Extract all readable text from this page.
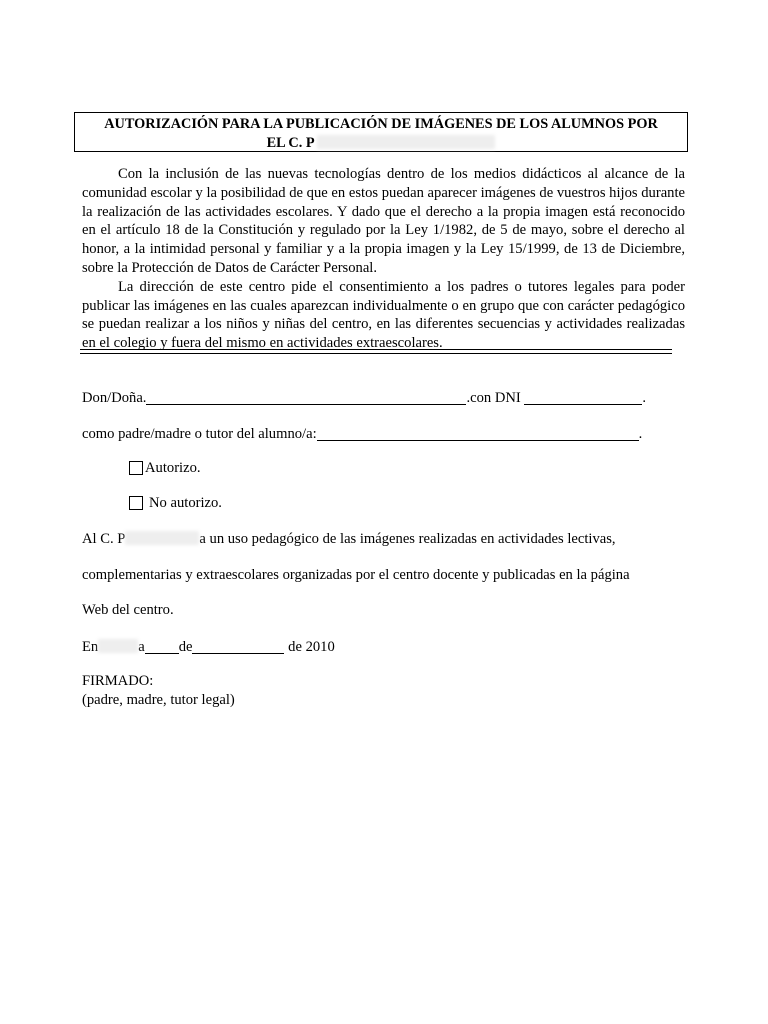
AUTORIZACIÓN PARA LA PUBLICACIÓN DE IMÁGENES DE LOS ALUMNOS POR
EL C. P

Con la inclusión de las nuevas tecnologías dentro de los medios didácticos al alcance de la comunidad escolar y la posibilidad de que en estos puedan aparecer imágenes de vuestros hijos durante la realización de las actividades escolares. Y dado que el derecho a la propia imagen está reconocido en el artículo 18 de la Constitución y regulado por la Ley 1/1982, de 5 de mayo, sobre el derecho al honor, a la intimidad personal y familiar y a la propia imagen y la Ley 15/1999, de 13 de Diciembre, sobre la Protección de Datos de Carácter Personal.

La dirección de este centro pide el consentimiento a los padres o tutores legales para poder publicar las imágenes en las cuales aparezcan individualmente o en grupo que con carácter pedagógico se puedan realizar a los niños y niñas del centro, en las diferentes secuencias y actividades realizadas en el colegio y fuera del mismo en actividades extraescolares.

Don/Doña.	.con DNI	.
como padre/madre o tutor del alumno/a:	.
Autorizo.
No autorizo.
Al C. P	a un uso pedagógico de las imágenes realizadas en actividades lectivas,
complementarias y extraescolares organizadas por el centro docente y publicadas en la página
Web del centro.
En	a de	de 2010
FIRMADO:
(padre, madre, tutor legal)
